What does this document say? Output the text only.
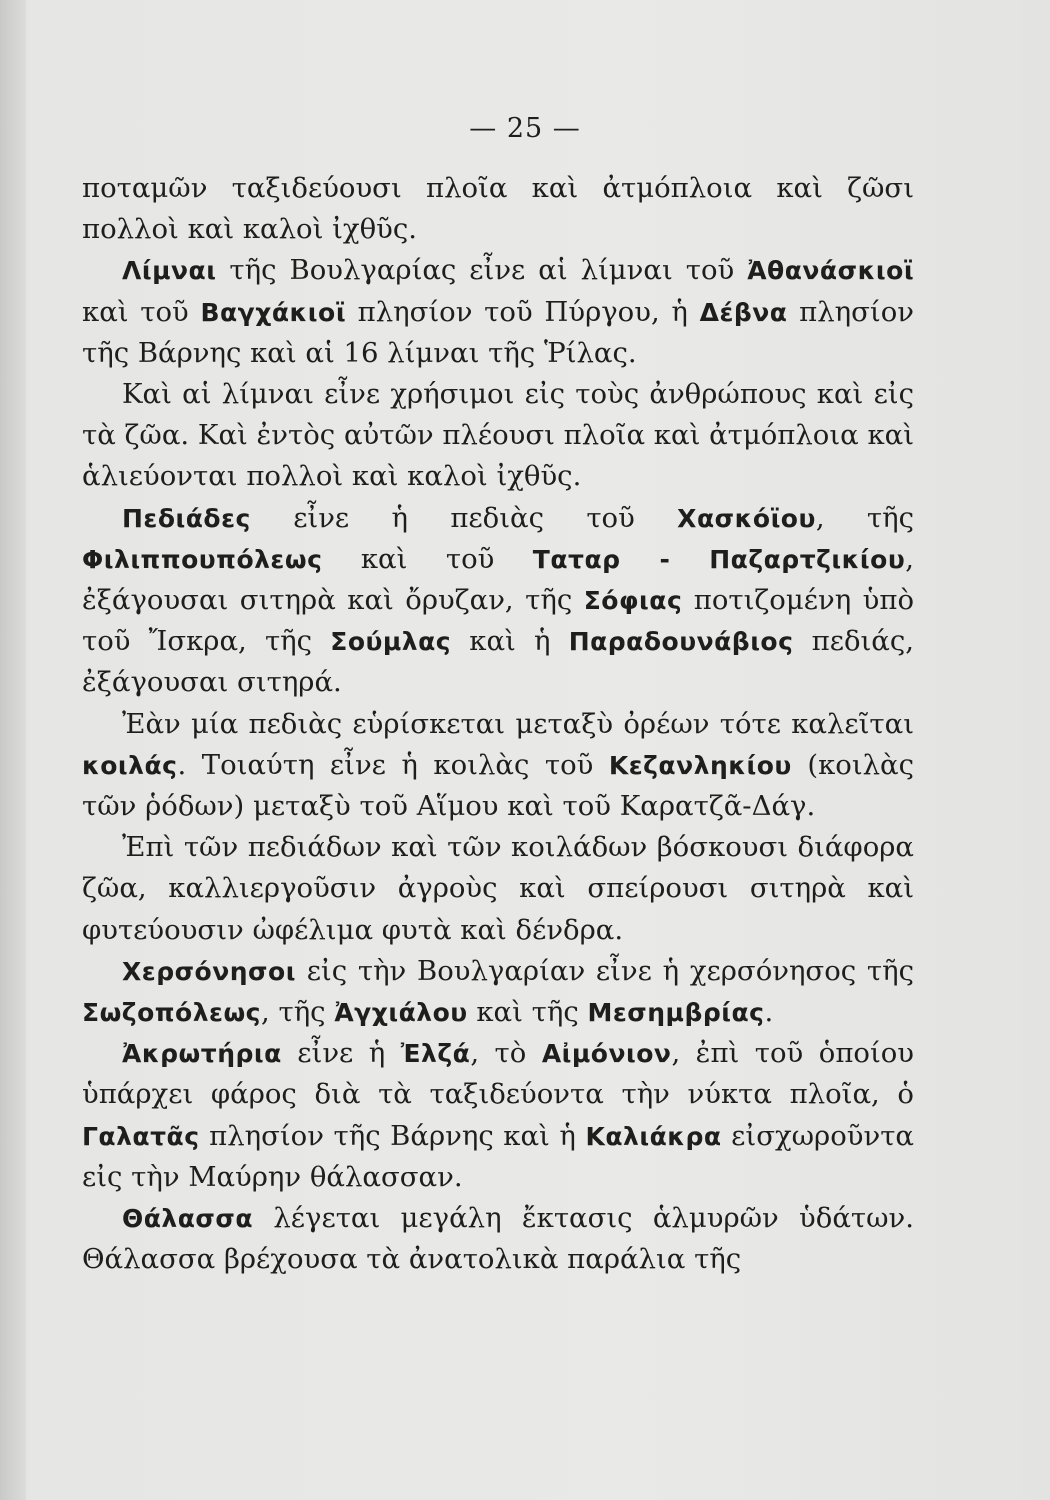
— 25 —

ποταμῶν ταξιδεύουσι πλοῖα καὶ ἀτμόπλοια καὶ ζῶσι πολλοὶ καὶ καλοὶ ἰχθῦς.

Λίμναι τῆς Βουλγαρίας εἶνε αἱ λίμναι τοῦ Ἀθανάσκιοϊ καὶ τοῦ Βαγχάκιοϊ πλησίον τοῦ Πύργου, ἡ Δέβνα πλησίον τῆς Βάρνης καὶ αἱ 16 λίμναι τῆς Ῥίλας.

Καὶ αἱ λίμναι εἶνε χρήσιμοι εἰς τοὺς ἀνθρώπους καὶ εἰς τὰ ζῶα. Καὶ ἐντὸς αὐτῶν πλέουσι πλοῖα καὶ ἀτμόπλοια καὶ ἁλιεύονται πολλοὶ καὶ καλοὶ ἰχθῦς.

Πεδιάδες εἶνε ἡ πεδιὰς τοῦ Χασκόϊου, τῆς Φιλιππουπόλεως καὶ τοῦ Ταταρ - Παζαρτζικίου, ἐξάγουσαι σιτηρὰ καὶ ὄρυζαν, τῆς Σόφιας ποτιζομένη ὑπὸ τοῦ Ἴσκρα, τῆς Σούμλας καὶ ἡ Παραδουνάβιος πεδιάς, ἐξάγουσαι σιτηρά.

Ἐὰν μία πεδιὰς εὑρίσκεται μεταξὺ ὀρέων τότε καλεῖται κοιλάς. Τοιαύτη εἶνε ἡ κοιλὰς τοῦ Κεζανληκίου (κοιλὰς τῶν ῥόδων) μεταξὺ τοῦ Αἵμου καὶ τοῦ Καρατζᾶ-Δάγ.

Ἐπὶ τῶν πεδιάδων καὶ τῶν κοιλάδων βόσκουσι διάφορα ζῶα, καλλιεργοῦσιν ἀγροὺς καὶ σπείρουσι σιτηρὰ καὶ φυτεύουσιν ὠφέλιμα φυτὰ καὶ δένδρα.

Χερσόνησοι εἰς τὴν Βουλγαρίαν εἶνε ἡ χερσόνησος τῆς Σωζοπόλεως, τῆς Ἀγχιάλου καὶ τῆς Μεσημβρίας.

Ἀκρωτήρια εἶνε ἡ Ἐλζά, τὸ Αἰμόνιον, ἐπὶ τοῦ ὁποίου ὑπάρχει φάρος διὰ τὰ ταξιδεύοντα τὴν νύκτα πλοῖα, ὁ Γαλατᾶς πλησίον τῆς Βάρνης καὶ ἡ Καλιάκρα εἰσχωροῦντα εἰς τὴν Μαύρην θάλασσαν.

Θάλασσα λέγεται μεγάλη ἔκτασις ἁλμυρῶν ὑδάτων. Θάλασσα βρέχουσα τὰ ἀνατολικὰ παράλια τῆς
